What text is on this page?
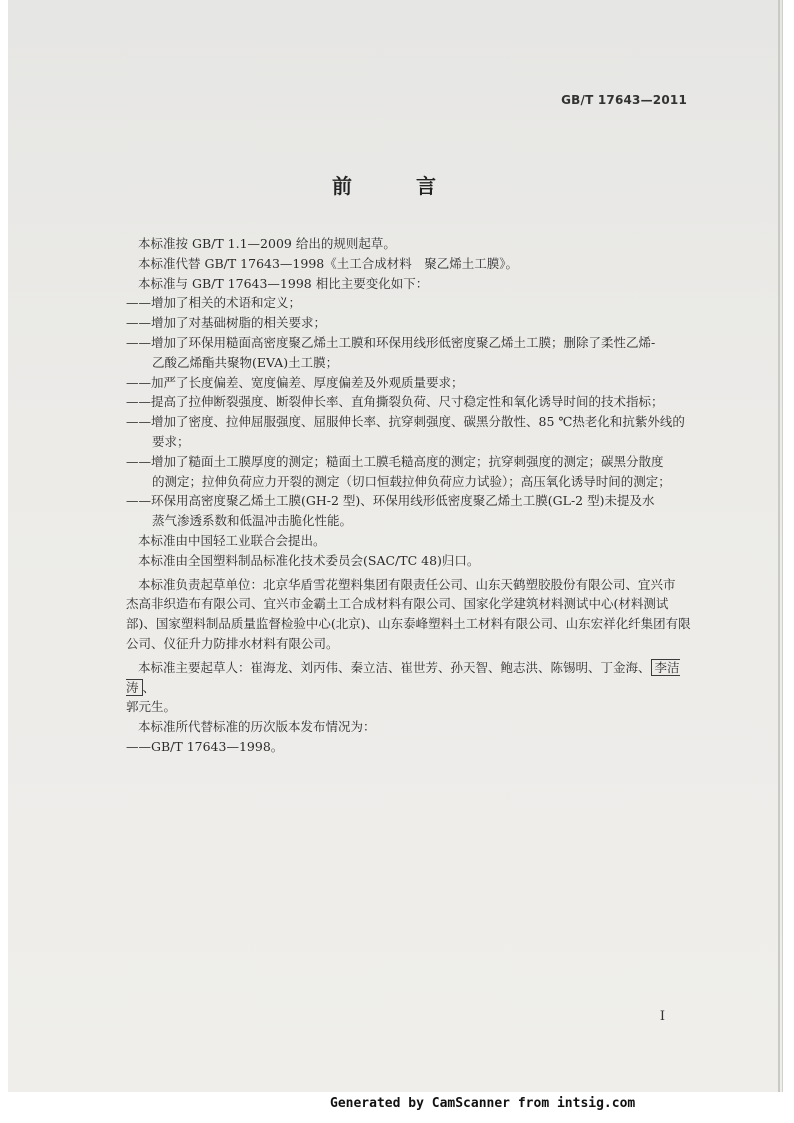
GB/T 17643—2011
前　言

本标准按 GB/T 1.1—2009 给出的规则起草。

本标准代替 GB/T 17643—1998《土工合成材料　聚乙烯土工膜》。

本标准与 GB/T 17643—1998 相比主要变化如下：

——增加了相关的术语和定义；

——增加了对基础树脂的相关要求；

——增加了环保用糙面高密度聚乙烯土工膜和环保用线形低密度聚乙烯土工膜；删除了柔性乙烯-

乙酸乙烯酯共聚物(EVA)土工膜；

——加严了长度偏差、宽度偏差、厚度偏差及外观质量要求；

——提高了拉伸断裂强度、断裂伸长率、直角撕裂负荷、尺寸稳定性和氧化诱导时间的技术指标；

——增加了密度、拉伸屈服强度、屈服伸长率、抗穿刺强度、碳黑分散性、85 ℃热老化和抗紫外线的

要求；

——增加了糙面土工膜厚度的测定；糙面土工膜毛糙高度的测定；抗穿刺强度的测定；碳黑分散度

的测定；拉伸负荷应力开裂的测定（切口恒载拉伸负荷应力试验）；高压氧化诱导时间的测定；

——环保用高密度聚乙烯土工膜(GH-2 型)、环保用线形低密度聚乙烯土工膜(GL-2 型)未提及水

蒸气渗透系数和低温冲击脆化性能。

本标准由中国轻工业联合会提出。

本标准由全国塑料制品标准化技术委员会(SAC/TC 48)归口。

本标准负责起草单位：北京华盾雪花塑料集团有限责任公司、山东天鹤塑胶股份有限公司、宜兴市

杰高非织造布有限公司、宜兴市金霸土工合成材料有限公司、国家化学建筑材料测试中心(材料测试

部)、国家塑料制品质量监督检验中心(北京)、山东泰峰塑料土工材料有限公司、山东宏祥化纤集团有限

公司、仪征升力防排水材料有限公司。

本标准主要起草人：崔海龙、刘丙伟、秦立洁、崔世芳、孙天智、鲍志洪、陈锡明、丁金海、 李洁涛 、

郭元生。

本标准所代替标准的历次版本发布情况为：

——GB/T 17643—1998。

I
Generated by CamScanner from intsig.com
